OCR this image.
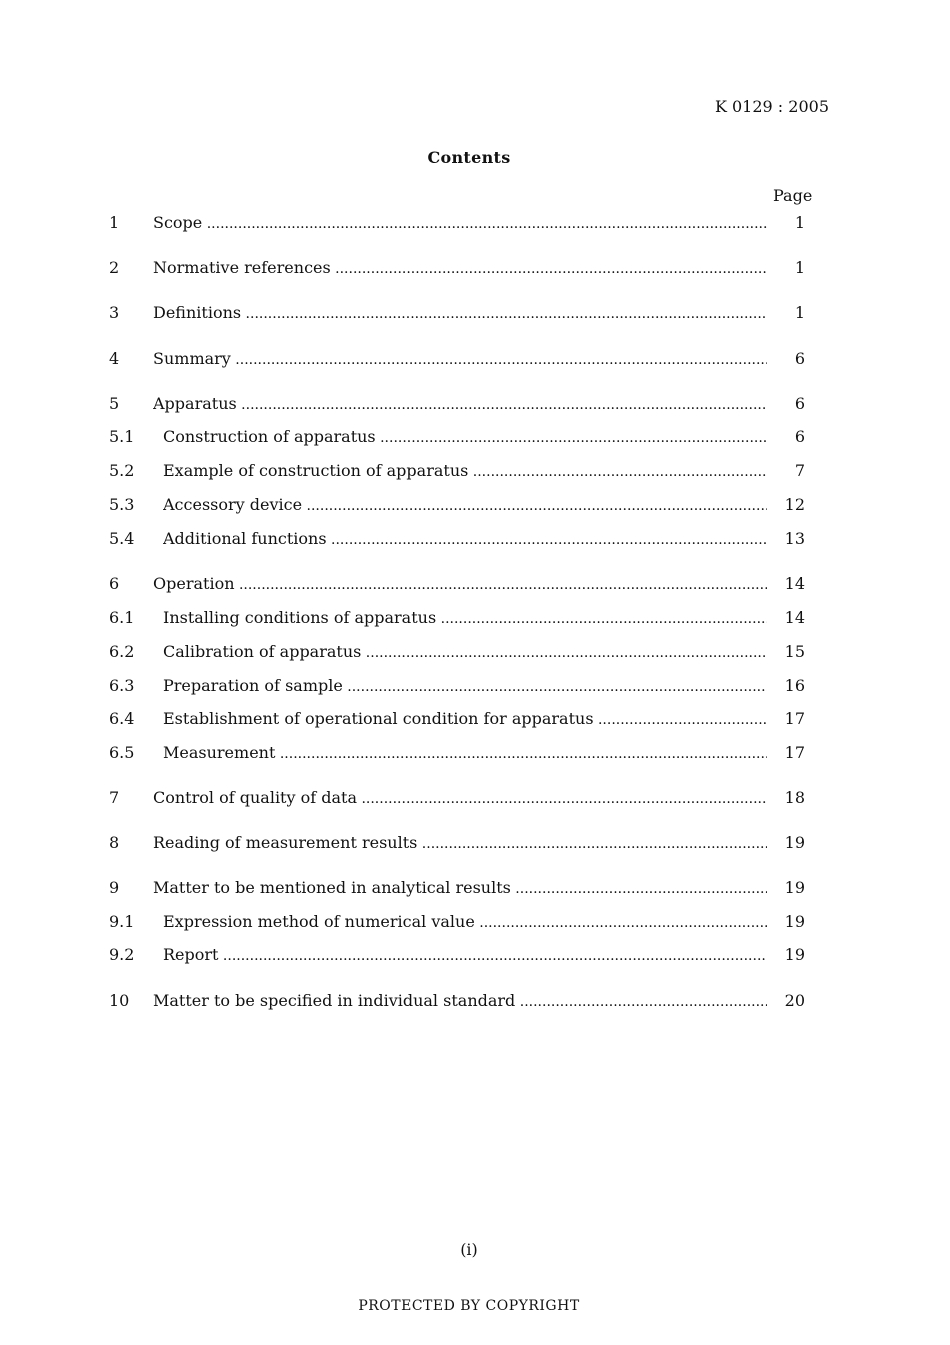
K 0129 : 2005
Contents
Page
1 Scope .....	1
2 Normative references .....	1
3 Definitions .....	1
4 Summary .....	6
5 Apparatus .....	6
5.1 Construction of apparatus .....	6
5.2 Example of construction of apparatus .....	7
5.3 Accessory device .....	12
5.4 Additional functions .....	13
6 Operation .....	14
6.1 Installing conditions of apparatus .....	14
6.2 Calibration of apparatus .....	15
6.3 Preparation of sample .....	16
6.4 Establishment of operational condition for apparatus .....	17
6.5 Measurement .....	17
7 Control of quality of data .....	18
8 Reading of measurement results .....	19
9 Matter to be mentioned in analytical results .....	19
9.1 Expression method of numerical value .....	19
9.2 Report .....	19
10 Matter to be specified in individual standard .....	20
(i)
PROTECTED BY COPYRIGHT
